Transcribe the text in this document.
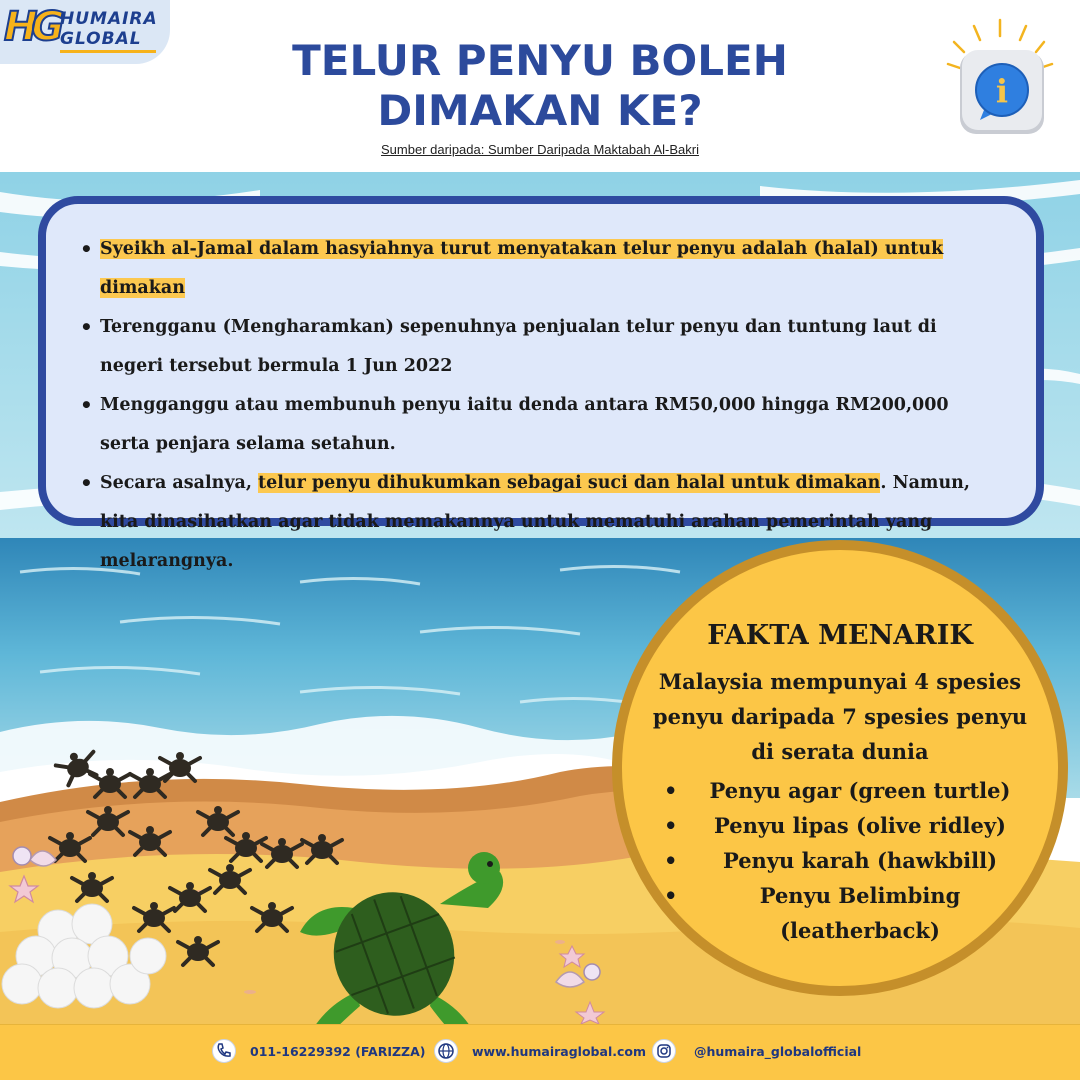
HG HUMAIRA
GLOBAL	TELUR PENYU BOLEH
DIMAKAN KE?
Sumber daripada: Sumber Daripada Maktabah Al-Bakri
i
• Syeikh al-Jamal dalam hasyiahnya turut menyatakan telur penyu adalah (halal) untuk dimakan
• Terengganu (Mengharamkan) sepenuhnya penjualan telur penyu dan tuntung laut di negeri tersebut bermula 1 Jun 2022
• Mengganggu atau membunuh penyu iaitu denda antara RM50,000 hingga RM200,000 serta penjara selama setahun.
• Secara asalnya, telur penyu dihukumkan sebagai suci dan halal untuk dimakan. Namun, kita dinasihatkan agar tidak memakannya untuk mematuhi arahan pemerintah yang melarangnya.
FAKTA MENARIK
Malaysia mempunyai 4 spesies penyu daripada 7 spesies penyu di serata dunia
• Penyu agar (green turtle)
• Penyu lipas (olive ridley)
• Penyu karah (hawkbill)
• Penyu Belimbing (leatherback)
011-16229392 (FARIZZA)	www.humairaglobal.com	@humaira_globalofficial
